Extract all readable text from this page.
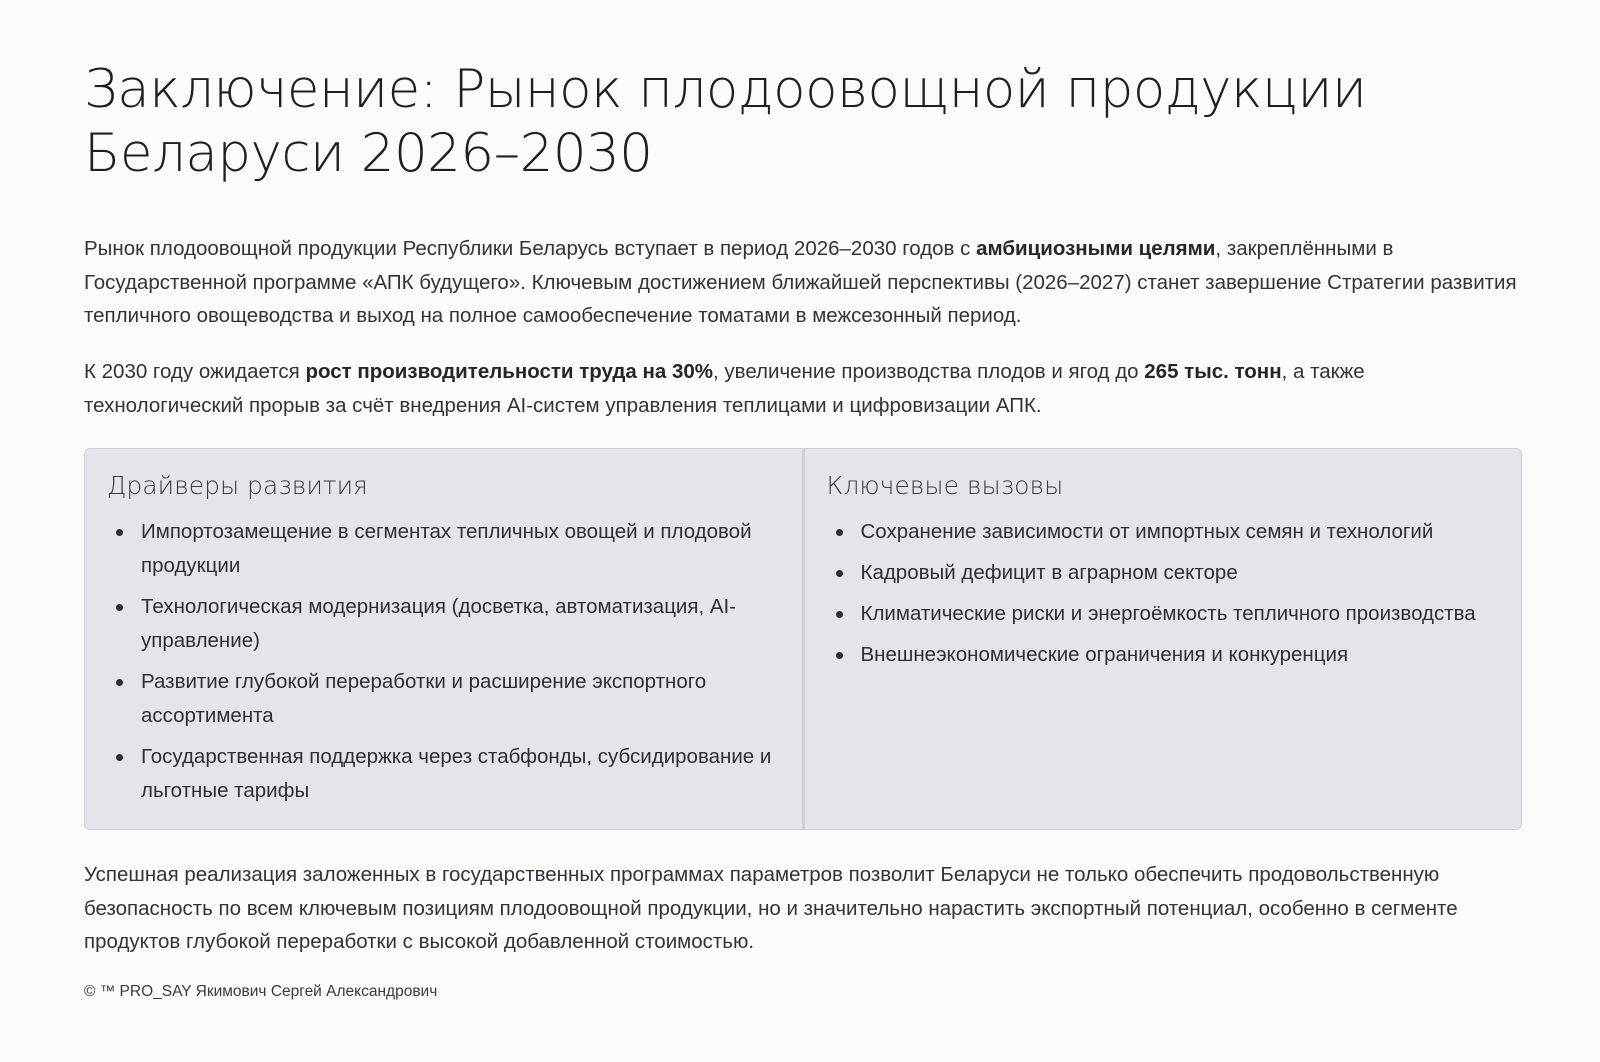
Заключение: Рынок плодоовощной продукции Беларуси 2026–2030

Рынок плодоовощной продукции Республики Беларусь вступает в период 2026–2030 годов с амбициозными целями, закреплёнными в Государственной программе «АПК будущего». Ключевым достижением ближайшей перспективы (2026–2027) станет завершение Стратегии развития тепличного овощеводства и выход на полное самообеспечение томатами в межсезонный период.

К 2030 году ожидается рост производительности труда на 30%, увеличение производства плодов и ягод до 265 тыс. тонн, а также технологический прорыв за счёт внедрения AI-систем управления теплицами и цифровизации АПК.

Драйверы развития
Импортозамещение в сегментах тепличных овощей и плодовой продукции
Технологическая модернизация (досветка, автоматизация, AI-управление)
Развитие глубокой переработки и расширение экспортного ассортимента
Государственная поддержка через стабфонды, субсидирование и льготные тарифы
Ключевые вызовы
Сохранение зависимости от импортных семян и технологий
Кадровый дефицит в аграрном секторе
Климатические риски и энергоёмкость тепличного производства
Внешнеэкономические ограничения и конкуренция

Успешная реализация заложенных в государственных программах параметров позволит Беларуси не только обеспечить продовольственную безопасность по всем ключевым позициям плодоовощной продукции, но и значительно нарастить экспортный потенциал, особенно в сегменте продуктов глубокой переработки с высокой добавленной стоимостью.

© ™ PRO_SAY Якимович Сергей Александрович
